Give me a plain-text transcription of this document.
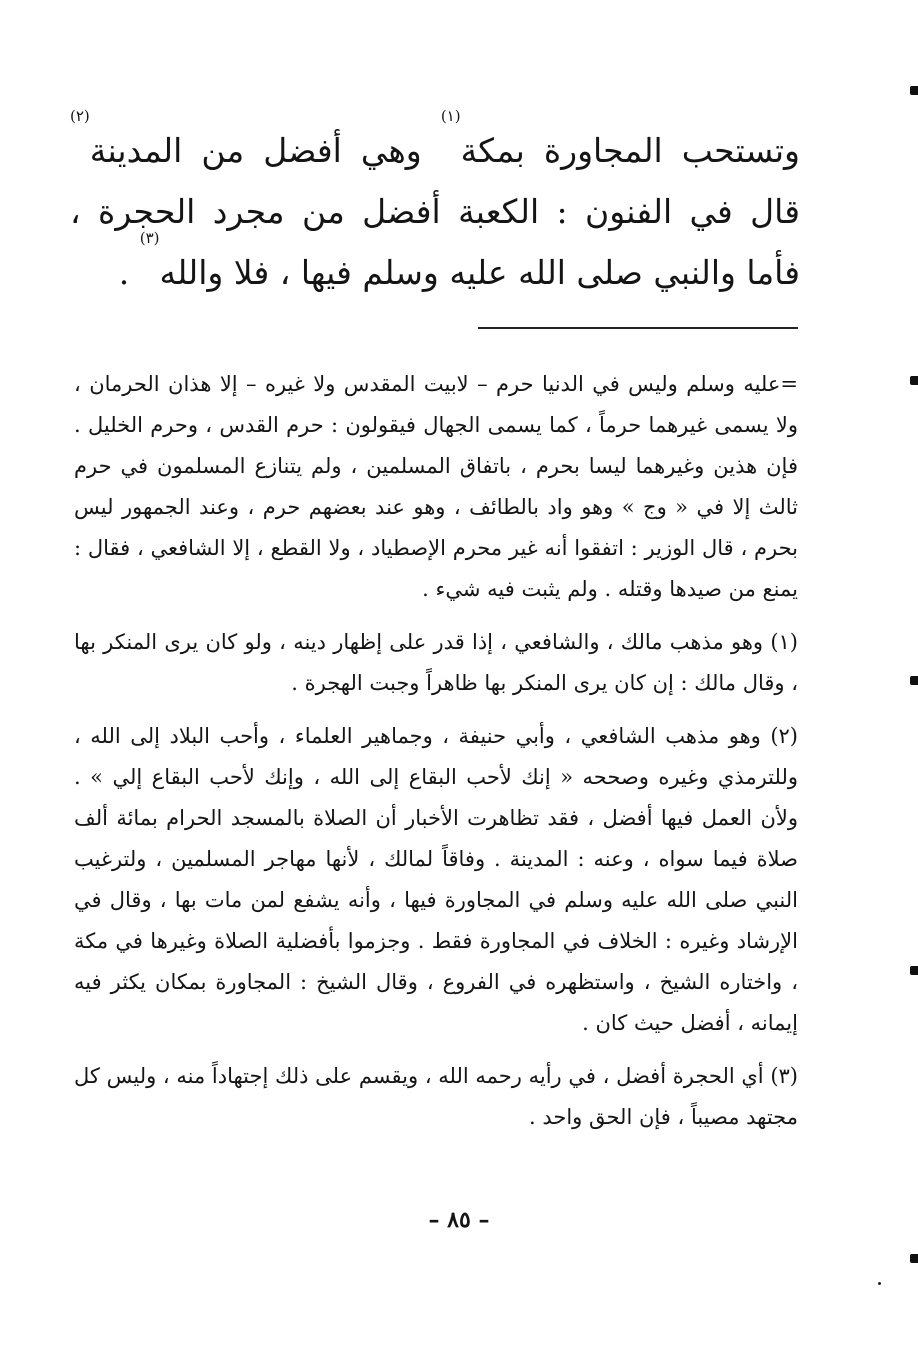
وتستحب المجاورة بمكة$^{(١)}$ وهي أفضل من المدينة$^{(٢)}$ قال في الفنون : الكعبة أفضل من مجرد الحجرة ، فأما والنبي صلى الله عليه وسلم فيها ، فلا والله$^{(٣)}$ .

=عليه وسلم وليس في الدنيا حرم – لابيت المقدس ولا غيره – إلا هذان الحرمان ، ولا يسمى غيرهما حرماً ، كما يسمى الجهال فيقولون : حرم القدس ، وحرم الخليل . فإن هذين وغيرهما ليسا بحرم ، باتفاق المسلمين ، ولم يتنازع المسلمون في حرم ثالث إلا في « وج » وهو واد بالطائف ، وهو عند بعضهم حرم ، وعند الجمهور ليس بحرم ، قال الوزير : اتفقوا أنه غير محرم الإصطياد ، ولا القطع ، إلا الشافعي ، فقال : يمنع من صيدها وقتله . ولم يثبت فيه شيء .

(١) وهو مذهب مالك ، والشافعي ، إذا قدر على إظهار دينه ، ولو كان يرى المنكر بها ، وقال مالك : إن كان يرى المنكر بها ظاهراً وجبت الهجرة .

(٢) وهو مذهب الشافعي ، وأبي حنيفة ، وجماهير العلماء ، وأحب البلاد إلى الله ، وللترمذي وغيره وصححه « إنك لأحب البقاع إلى الله ، وإنك لأحب البقاع إلي » . ولأن العمل فيها أفضل ، فقد تظاهرت الأخبار أن الصلاة بالمسجد الحرام بمائة ألف صلاة فيما سواه ، وعنه : المدينة . وفاقاً لمالك ، لأنها مهاجر المسلمين ، ولترغيب النبي صلى الله عليه وسلم في المجاورة فيها ، وأنه يشفع لمن مات بها ، وقال في الإرشاد وغيره : الخلاف في المجاورة فقط . وجزموا بأفضلية الصلاة وغيرها في مكة ، واختاره الشيخ ، واستظهره في الفروع ، وقال الشيخ : المجاورة بمكان يكثر فيه إيمانه ، أفضل حيث كان .

(٣) أي الحجرة أفضل ، في رأيه رحمه الله ، ويقسم على ذلك إجتهاداً منه ، وليس كل مجتهد مصيباً ، فإن الحق واحد .

– ٨٥ –
